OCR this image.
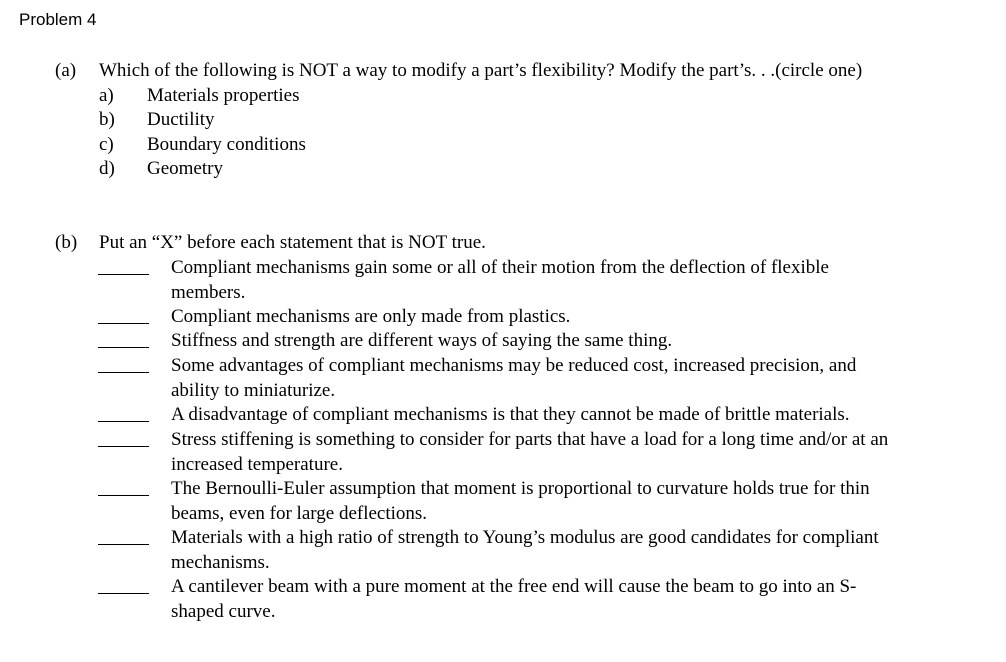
Problem 4
(a) Which of the following is NOT a way to modify a part’s flexibility? Modify the part’s. . .(circle one)
a) Materials properties
b) Ductility
c) Boundary conditions
d) Geometry
(b) Put an “X” before each statement that is NOT true.
Compliant mechanisms gain some or all of their motion from the deflection of flexible
members.
Compliant mechanisms are only made from plastics.
Stiffness and strength are different ways of saying the same thing.
Some advantages of compliant mechanisms may be reduced cost, increased precision, and
ability to miniaturize.
A disadvantage of compliant mechanisms is that they cannot be made of brittle materials.
Stress stiffening is something to consider for parts that have a load for a long time and/or at an
increased temperature.
The Bernoulli-Euler assumption that moment is proportional to curvature holds true for thin
beams, even for large deflections.
Materials with a high ratio of strength to Young’s modulus are good candidates for compliant
mechanisms.
A cantilever beam with a pure moment at the free end will cause the beam to go into an S-
shaped curve.
